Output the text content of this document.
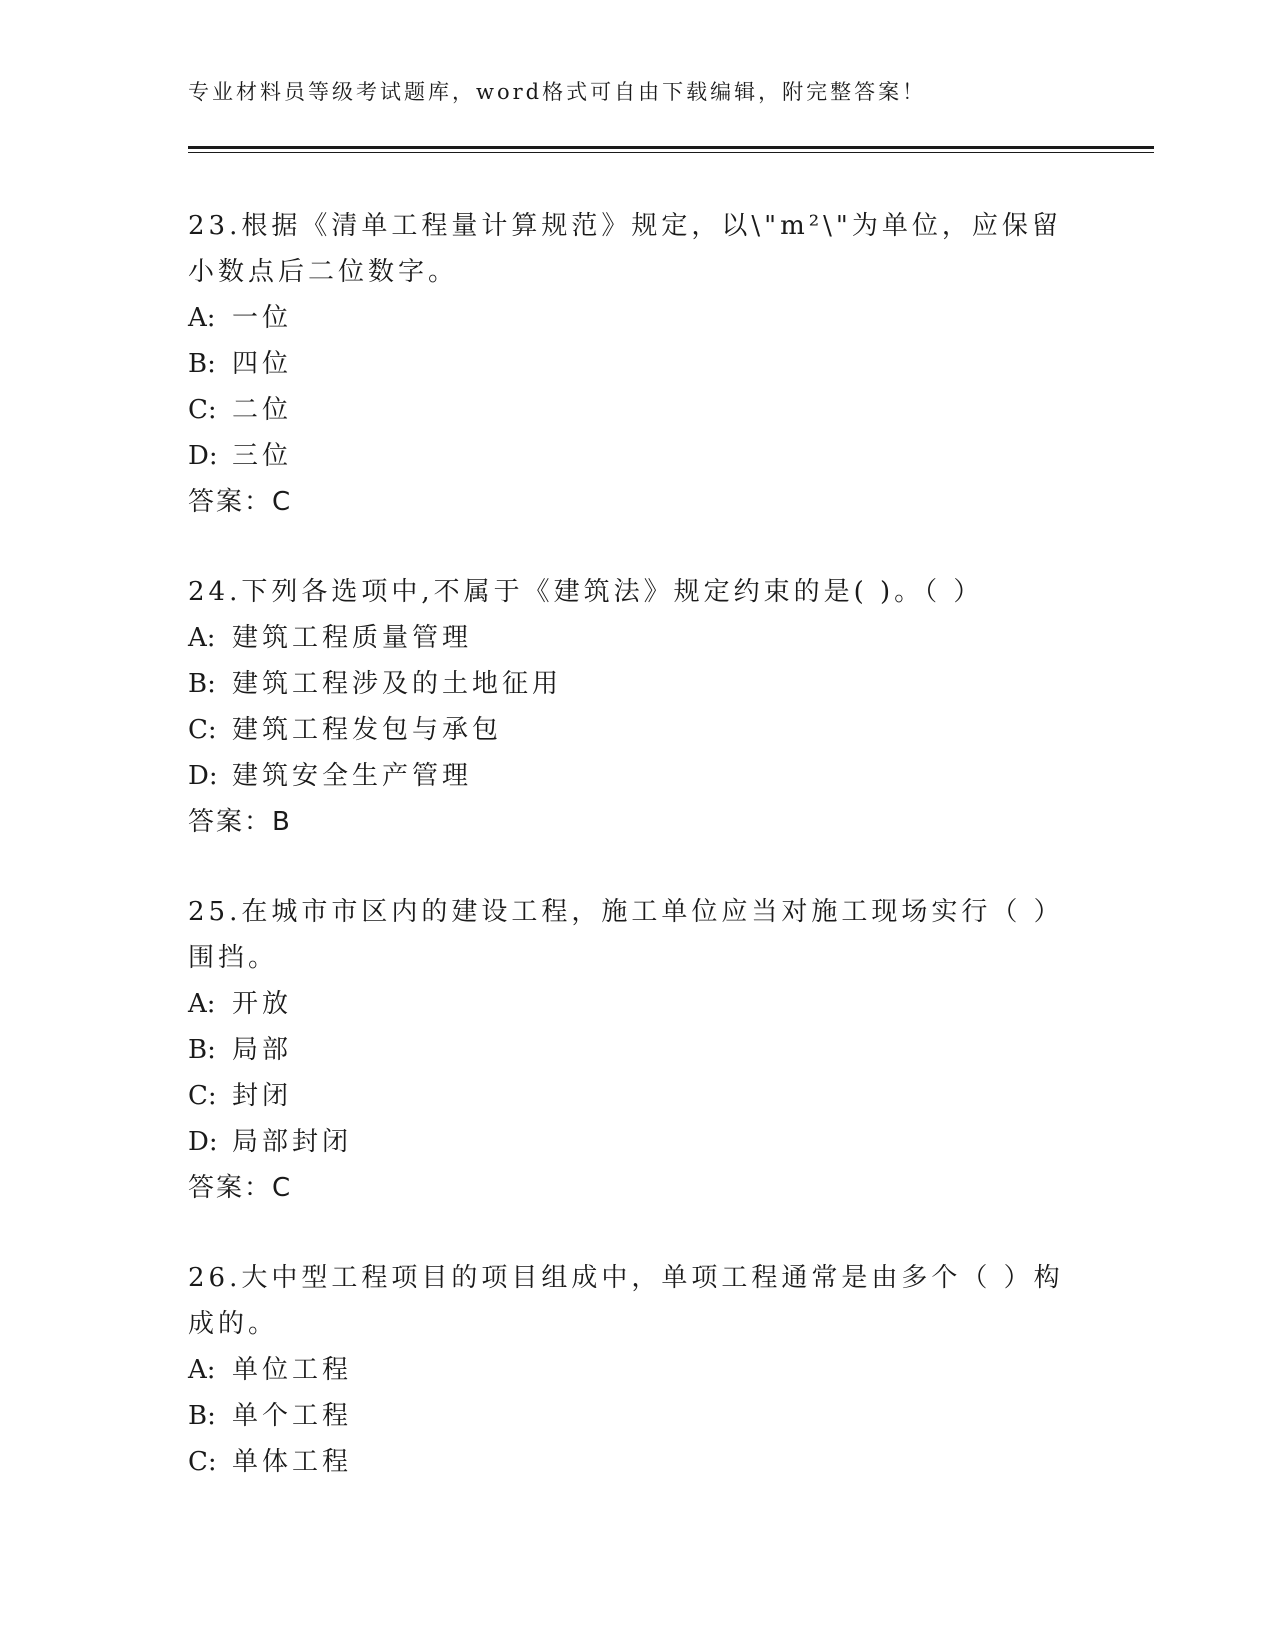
专业材料员等级考试题库，word格式可自由下载编辑，附完整答案！

23.根据《清单工程量计算规范》规定，以\"m²\"为单位，应保留小数点后二位数字。

A: 一位

B: 四位

C: 二位

D: 三位

答案：C

24.下列各选项中,不属于《建筑法》规定约束的是( )。（ ）

A: 建筑工程质量管理

B: 建筑工程涉及的土地征用

C: 建筑工程发包与承包

D: 建筑安全生产管理

答案：B

25.在城市市区内的建设工程，施工单位应当对施工现场实行（ ）围挡。

A: 开放

B: 局部

C: 封闭

D: 局部封闭

答案：C

26.大中型工程项目的项目组成中，单项工程通常是由多个（ ）构成的。

A: 单位工程

B: 单个工程

C: 单体工程
